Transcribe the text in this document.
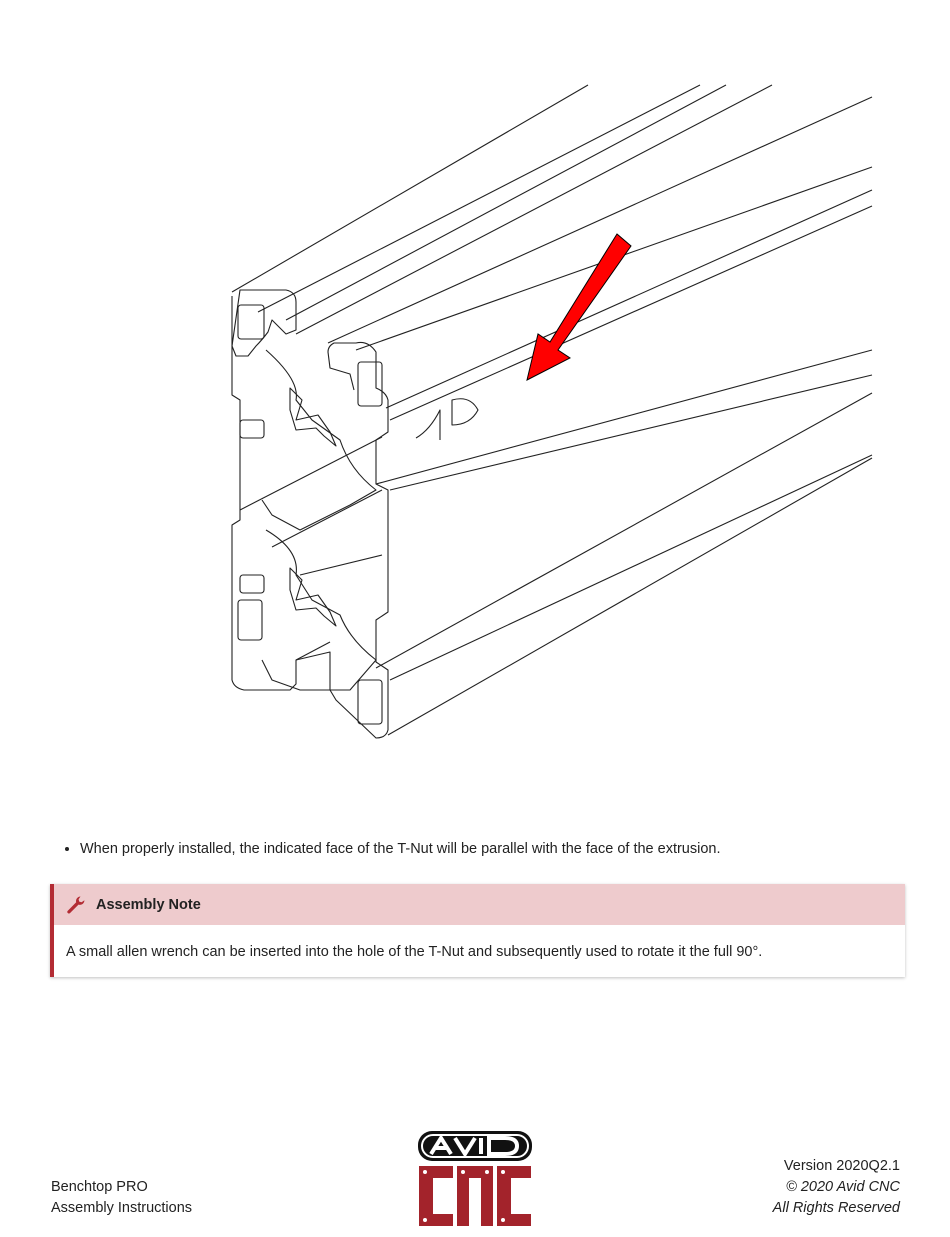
• When properly installed, the indicated face of the T-Nut will be parallel with the face of the extrusion.
Assembly Note
A small allen wrench can be inserted into the hole of the T-Nut and subsequently used to rotate it the full 90°.
Benchtop PRO
Assembly Instructions
Version 2020Q2.1
© 2020 Avid CNC
All Rights Reserved
